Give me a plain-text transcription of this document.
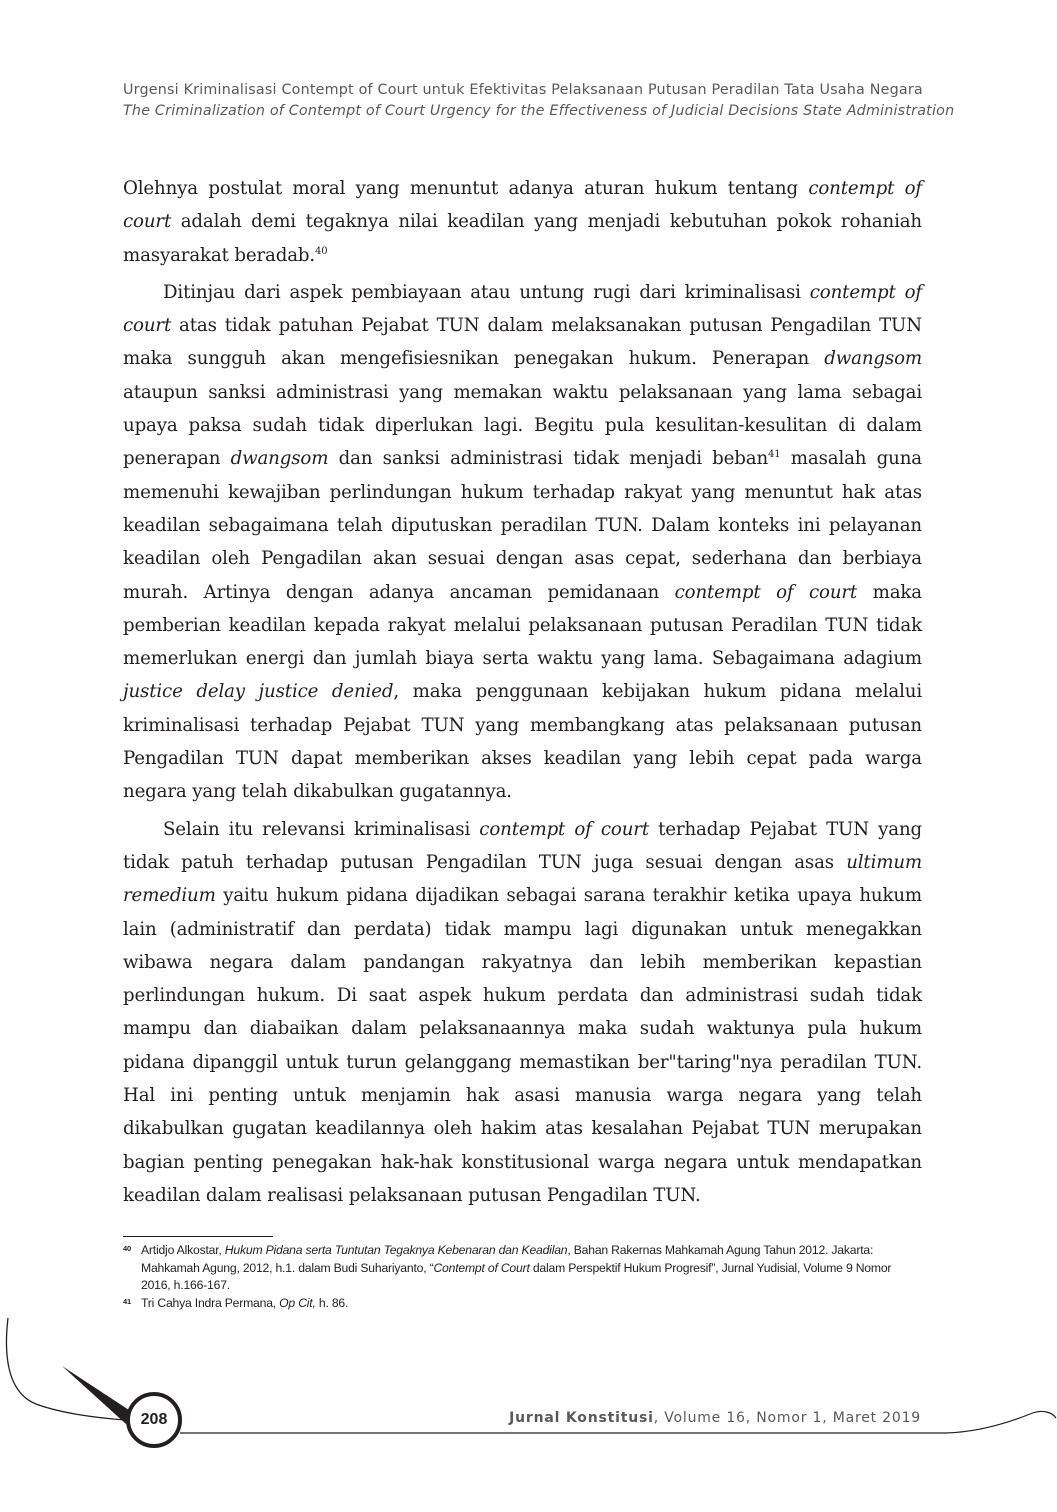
Urgensi Kriminalisasi Contempt of Court untuk Efektivitas Pelaksanaan Putusan Peradilan Tata Usaha Negara
The Criminalization of Contempt of Court Urgency for the Effectiveness of Judicial Decisions State Administration

Olehnya postulat moral yang menuntut adanya aturan hukum tentang contempt of court adalah demi tegaknya nilai keadilan yang menjadi kebutuhan pokok rohaniah masyarakat beradab.$^{40}$

Ditinjau dari aspek pembiayaan atau untung rugi dari kriminalisasi contempt of court atas tidak patuhan Pejabat TUN dalam melaksanakan putusan Pengadilan TUN maka sungguh akan mengefisiesnikan penegakan hukum. Penerapan dwangsom ataupun sanksi administrasi yang memakan waktu pelaksanaan yang lama sebagai upaya paksa sudah tidak diperlukan lagi. Begitu pula kesulitan-kesulitan di dalam penerapan dwangsom dan sanksi administrasi tidak menjadi beban$^{41}$ masalah guna memenuhi kewajiban perlindungan hukum terhadap rakyat yang menuntut hak atas keadilan sebagaimana telah diputuskan peradilan TUN. Dalam konteks ini pelayanan keadilan oleh Pengadilan akan sesuai dengan asas cepat, sederhana dan berbiaya murah. Artinya dengan adanya ancaman pemidanaan contempt of court maka pemberian keadilan kepada rakyat melalui pelaksanaan putusan Peradilan TUN tidak memerlukan energi dan jumlah biaya serta waktu yang lama. Sebagaimana adagium justice delay justice denied, maka penggunaan kebijakan hukum pidana melalui kriminalisasi terhadap Pejabat TUN yang membangkang atas pelaksanaan putusan Pengadilan TUN dapat memberikan akses keadilan yang lebih cepat pada warga negara yang telah dikabulkan gugatannya.

Selain itu relevansi kriminalisasi contempt of court terhadap Pejabat TUN yang tidak patuh terhadap putusan Pengadilan TUN juga sesuai dengan asas ultimum remedium yaitu hukum pidana dijadikan sebagai sarana terakhir ketika upaya hukum lain (administratif dan perdata) tidak mampu lagi digunakan untuk menegakkan wibawa negara dalam pandangan rakyatnya dan lebih memberikan kepastian perlindungan hukum. Di saat aspek hukum perdata dan administrasi sudah tidak mampu dan diabaikan dalam pelaksanaannya maka sudah waktunya pula hukum pidana dipanggil untuk turun gelanggang memastikan ber"taring"nya peradilan TUN. Hal ini penting untuk menjamin hak asasi manusia warga negara yang telah dikabulkan gugatan keadilannya oleh hakim atas kesalahan Pejabat TUN merupakan bagian penting penegakan hak-hak konstitusional warga negara untuk mendapatkan keadilan dalam realisasi pelaksanaan putusan Pengadilan TUN.

40 Artidjo Alkostar, Hukum Pidana serta Tuntutan Tegaknya Kebenaran dan Keadilan, Bahan Rakernas Mahkamah Agung Tahun 2012. Jakarta: Mahkamah Agung, 2012, h.1. dalam Budi Suhariyanto, “Contempt of Court dalam Perspektif Hukum Progresif”, Jurnal Yudisial, Volume 9 Nomor 2016, h.166-167.

41 Tri Cahya Indra Permana, Op Cit, h. 86.

208	Jurnal Konstitusi, Volume 16, Nomor 1, Maret 2019
